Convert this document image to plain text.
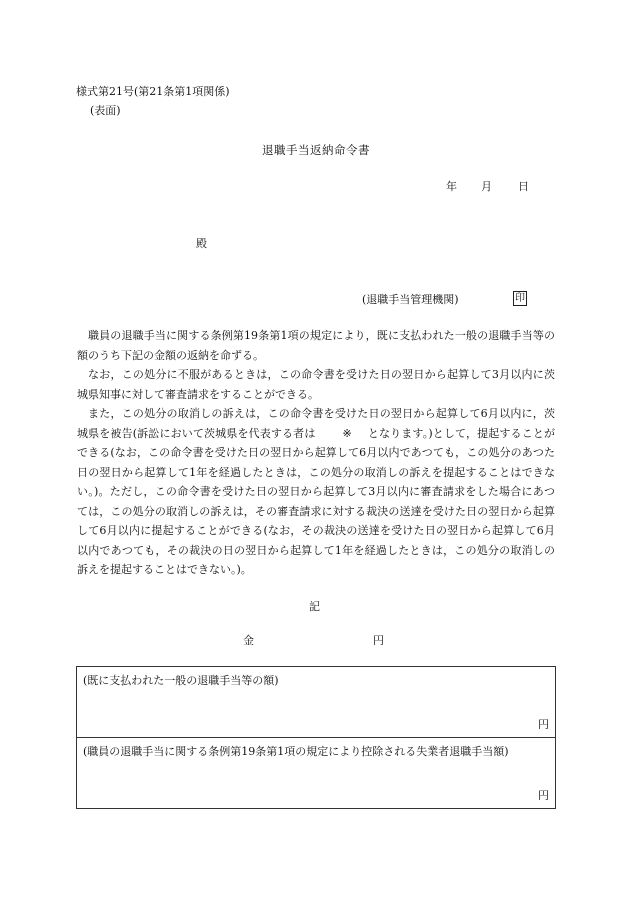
様式第21号(第21条第1項関係)
(表面)
退職手当返納命令書
年 月 日
殿
(退職手当管理機関)	印

職員の退職手当に関する条例第19条第1項の規定により，既に支払われた一般の退職手当等の額のうち下記の金額の返納を命ずる。

なお，この処分に不服があるときは，この命令書を受けた日の翌日から起算して3月以内に茨城県知事に対して審査請求をすることができる。

また，この処分の取消しの訴えは，この命令書を受けた日の翌日から起算して6月以内に，茨城県を被告(訴訟において茨城県を代表する者は ※ となります。)として，提起することができる(なお，この命令書を受けた日の翌日から起算して6月以内であつても，この処分のあつた日の翌日から起算して1年を経過したときは，この処分の取消しの訴えを提起することはできない。)。ただし，この命令書を受けた日の翌日から起算して3月以内に審査請求をした場合にあつては，この処分の取消しの訴えは，その審査請求に対する裁決の送達を受けた日の翌日から起算して6月以内に提起することができる(なお，その裁決の送達を受けた日の翌日から起算して6月以内であつても，その裁決の日の翌日から起算して1年を経過したときは，この処分の取消しの訴えを提起することはできない。)。

記
金	円
(既に支払われた一般の退職手当等の額)
円
(職員の退職手当に関する条例第19条第1項の規定により控除される失業者退職手当額)
円
